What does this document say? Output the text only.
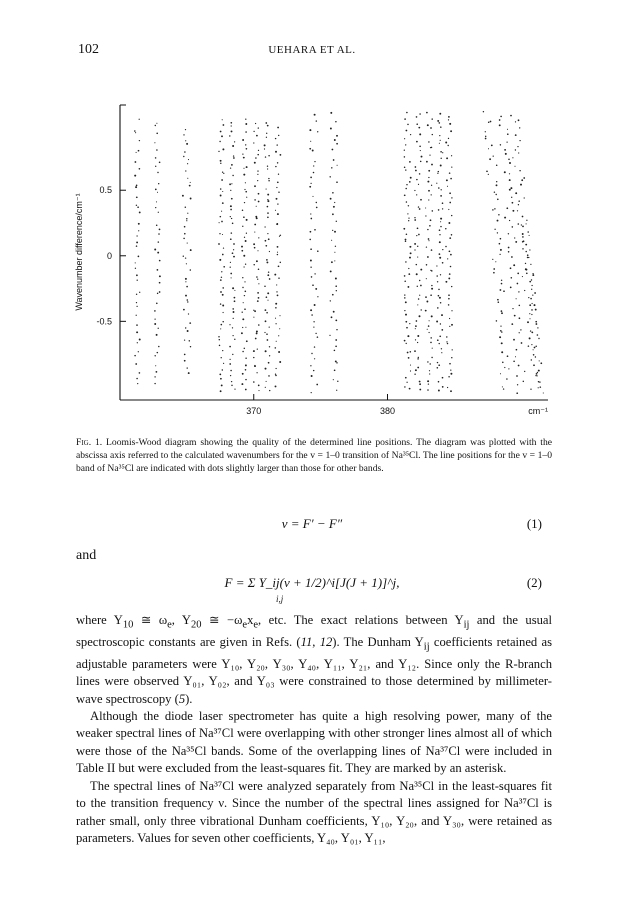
102	UEHARA ET AL.
370	380
0.5
0
-0.5
Wavenumber difference/cm⁻¹
cm⁻¹
Fig. 1. Loomis-Wood diagram showing the quality of the determined line positions. The diagram was plotted with the abscissa axis referred to the calculated wavenumbers for the v = 1–0 transition of Na³⁵Cl. The line positions for the v = 1–0 band of Na³⁵Cl are indicated with dots slightly larger than those for other bands.
ν = F′ − F″	(1)
and
F = Σ Y_ij(v + 1/2)^i[J(J + 1)]^j,
i,j
(2)

where $Y_{10}$ ≅ $\omega_e$, $Y_{20}$ ≅ $-\omega_ex_e$, etc. The exact relations between $Y_{ij}$ and the usual spectroscopic constants are given in Refs. (11, 12). The Dunham $Y_{ij}$ coefficients retained as adjustable parameters were Y₁₀, Y₂₀, Y₃₀, Y₄₀, Y₁₁, Y₂₁, and Y₁₂. Since only the R-branch lines were observed Y₀₁, Y₀₂, and Y₀₃ were constrained to those determined by millimeter-wave spectroscopy (5).

Although the diode laser spectrometer has quite a high resolving power, many of the weaker spectral lines of Na³⁷Cl were overlapping with other stronger lines almost all of which were those of the Na³⁵Cl bands. Some of the overlapping lines of Na³⁷Cl were included in Table II but were excluded from the least-squares fit. They are marked by an asterisk.

The spectral lines of Na³⁷Cl were analyzed separately from Na³⁵Cl in the least-squares fit to the transition frequency ν. Since the number of the spectral lines assigned for Na³⁷Cl is rather small, only three vibrational Dunham coefficients, Y₁₀, Y₂₀, and Y₃₀, were retained as parameters. Values for seven other coefficients, Y₄₀, Y₀₁, Y₁₁,
